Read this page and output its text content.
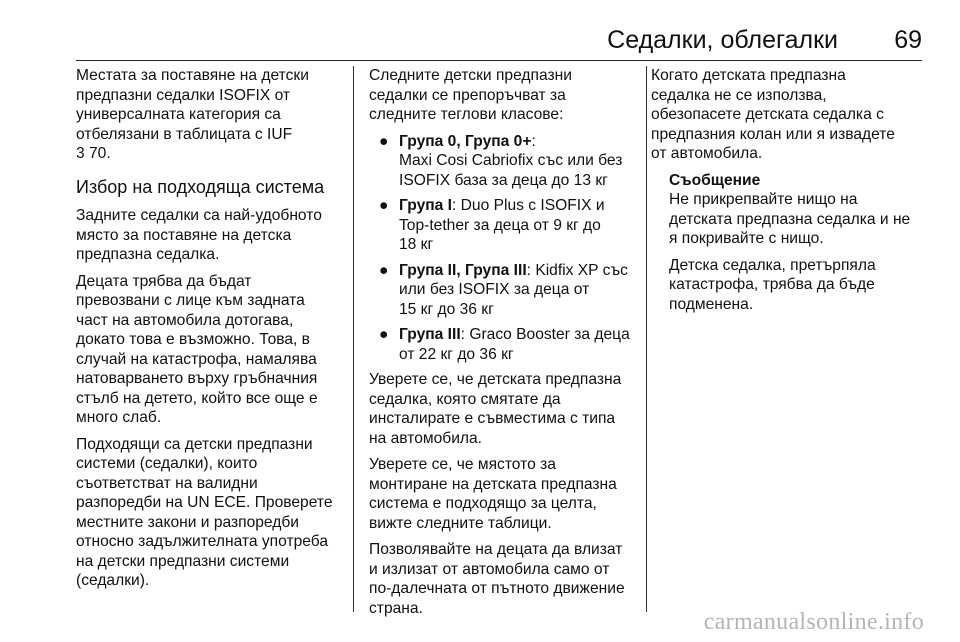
Седалки, облегалки 69

Местата за поставяне на детски
предпазни седалки ISOFIX от
универсалната категория са
отбелязани в таблицата с IUF
3 70.

Избор на подходяща система

Задните седалки са най-удобното
място за поставяне на детска
предпазна седалка.

Децата трябва да бъдат
превозвани с лице към задната
част на автомобила дотогава,
докато това е възможно. Това, в
случай на катастрофа, намалява
натоварването върху гръбначния
стълб на детето, който все още е
много слаб.

Подходящи са детски предпазни
системи (седалки), които
съответстват на валидни
разпоредби на UN ECE. Проверете
местните закони и разпоредби
относно задължителната употреба
на детски предпазни системи
(седалки).

Следните детски предпазни
седалки се препоръчват за
следните теглови класове:

● Група 0, Група 0+:
Maxi Cosi Cabriofix със или без
ISOFIX база за деца до 13 кг
● Група I: Duo Plus с ISOFIX и
Top-tether за деца от 9 кг до
18 кг
● Група II, Група III: Kidfix XP със
или без ISOFIX за деца от
15 кг до 36 кг
● Група III: Graco Booster за деца
от 22 кг до 36 кг

Уверете се, че детската предпазна
седалка, която смятате да
инсталирате е съвместима с типа
на автомобила.

Уверете се, че мястото за
монтиране на детската предпазна
система е подходящо за целта,
вижте следните таблици.

Позволявайте на децата да влизат
и излизат от автомобила само от
по-далечната от пътното движение
страна.

Когато детската предпазна
седалка не се използва,
обезопасете детската седалка с
предпазния колан или я извадете
от автомобила.

Съобщение

Не прикрепвайте нищо на
детската предпазна седалка и не
я покривайте с нищо.

Детска седалка, претърпяла
катастрофа, трябва да бъде
подменена.

carmanualsonline.info
